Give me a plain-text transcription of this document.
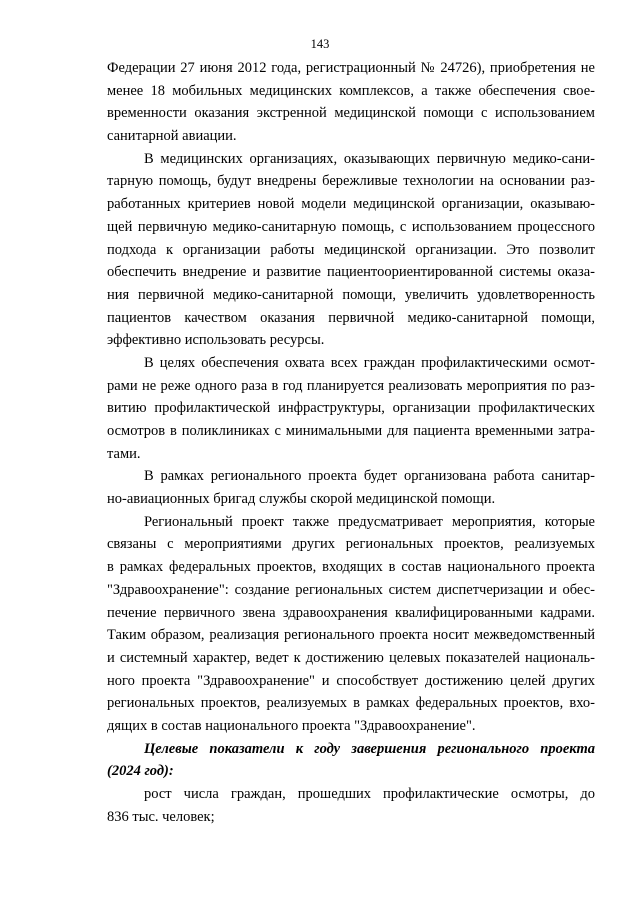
143
Федерации 27 июня 2012 года, регистрационный № 24726), приобретения не
менее 18 мобильных медицинских комплексов, а также обеспечения свое-
временности оказания экстренной медицинской помощи с использованием
санитарной авиации.
В медицинских организациях, оказывающих первичную медико-сани-
тарную помощь, будут внедрены бережливые технологии на основании раз-
работанных критериев новой модели медицинской организации, оказываю-
щей первичную медико-санитарную помощь, с использованием процессного
подхода к организации работы медицинской организации. Это позволит
обеспечить внедрение и развитие пациентоориентированной системы оказа-
ния первичной медико-санитарной помощи, увеличить удовлетворенность
пациентов качеством оказания первичной медико-санитарной помощи,
эффективно использовать ресурсы.
В целях обеспечения охвата всех граждан профилактическими осмот-
рами не реже одного раза в год планируется реализовать мероприятия по раз-
витию профилактической инфраструктуры, организации профилактических
осмотров в поликлиниках с минимальными для пациента временными затра-
тами.
В рамках регионального проекта будет организована работа санитар-
но-авиационных бригад службы скорой медицинской помощи.
Региональный проект также предусматривает мероприятия, которые
связаны с мероприятиями других региональных проектов, реализуемых
в рамках федеральных проектов, входящих в состав национального проекта
"Здравоохранение": создание региональных систем диспетчеризации и обес-
печение первичного звена здравоохранения квалифицированными кадрами.
Таким образом, реализация регионального проекта носит межведомственный
и системный характер, ведет к достижению целевых показателей националь-
ного проекта "Здравоохранение" и способствует достижению целей других
региональных проектов, реализуемых в рамках федеральных проектов, вхо-
дящих в состав национального проекта "Здравоохранение".
Целевые показатели к году завершения регионального проекта
(2024 год):
рост числа граждан, прошедших профилактические осмотры, до
836 тыс. человек;
